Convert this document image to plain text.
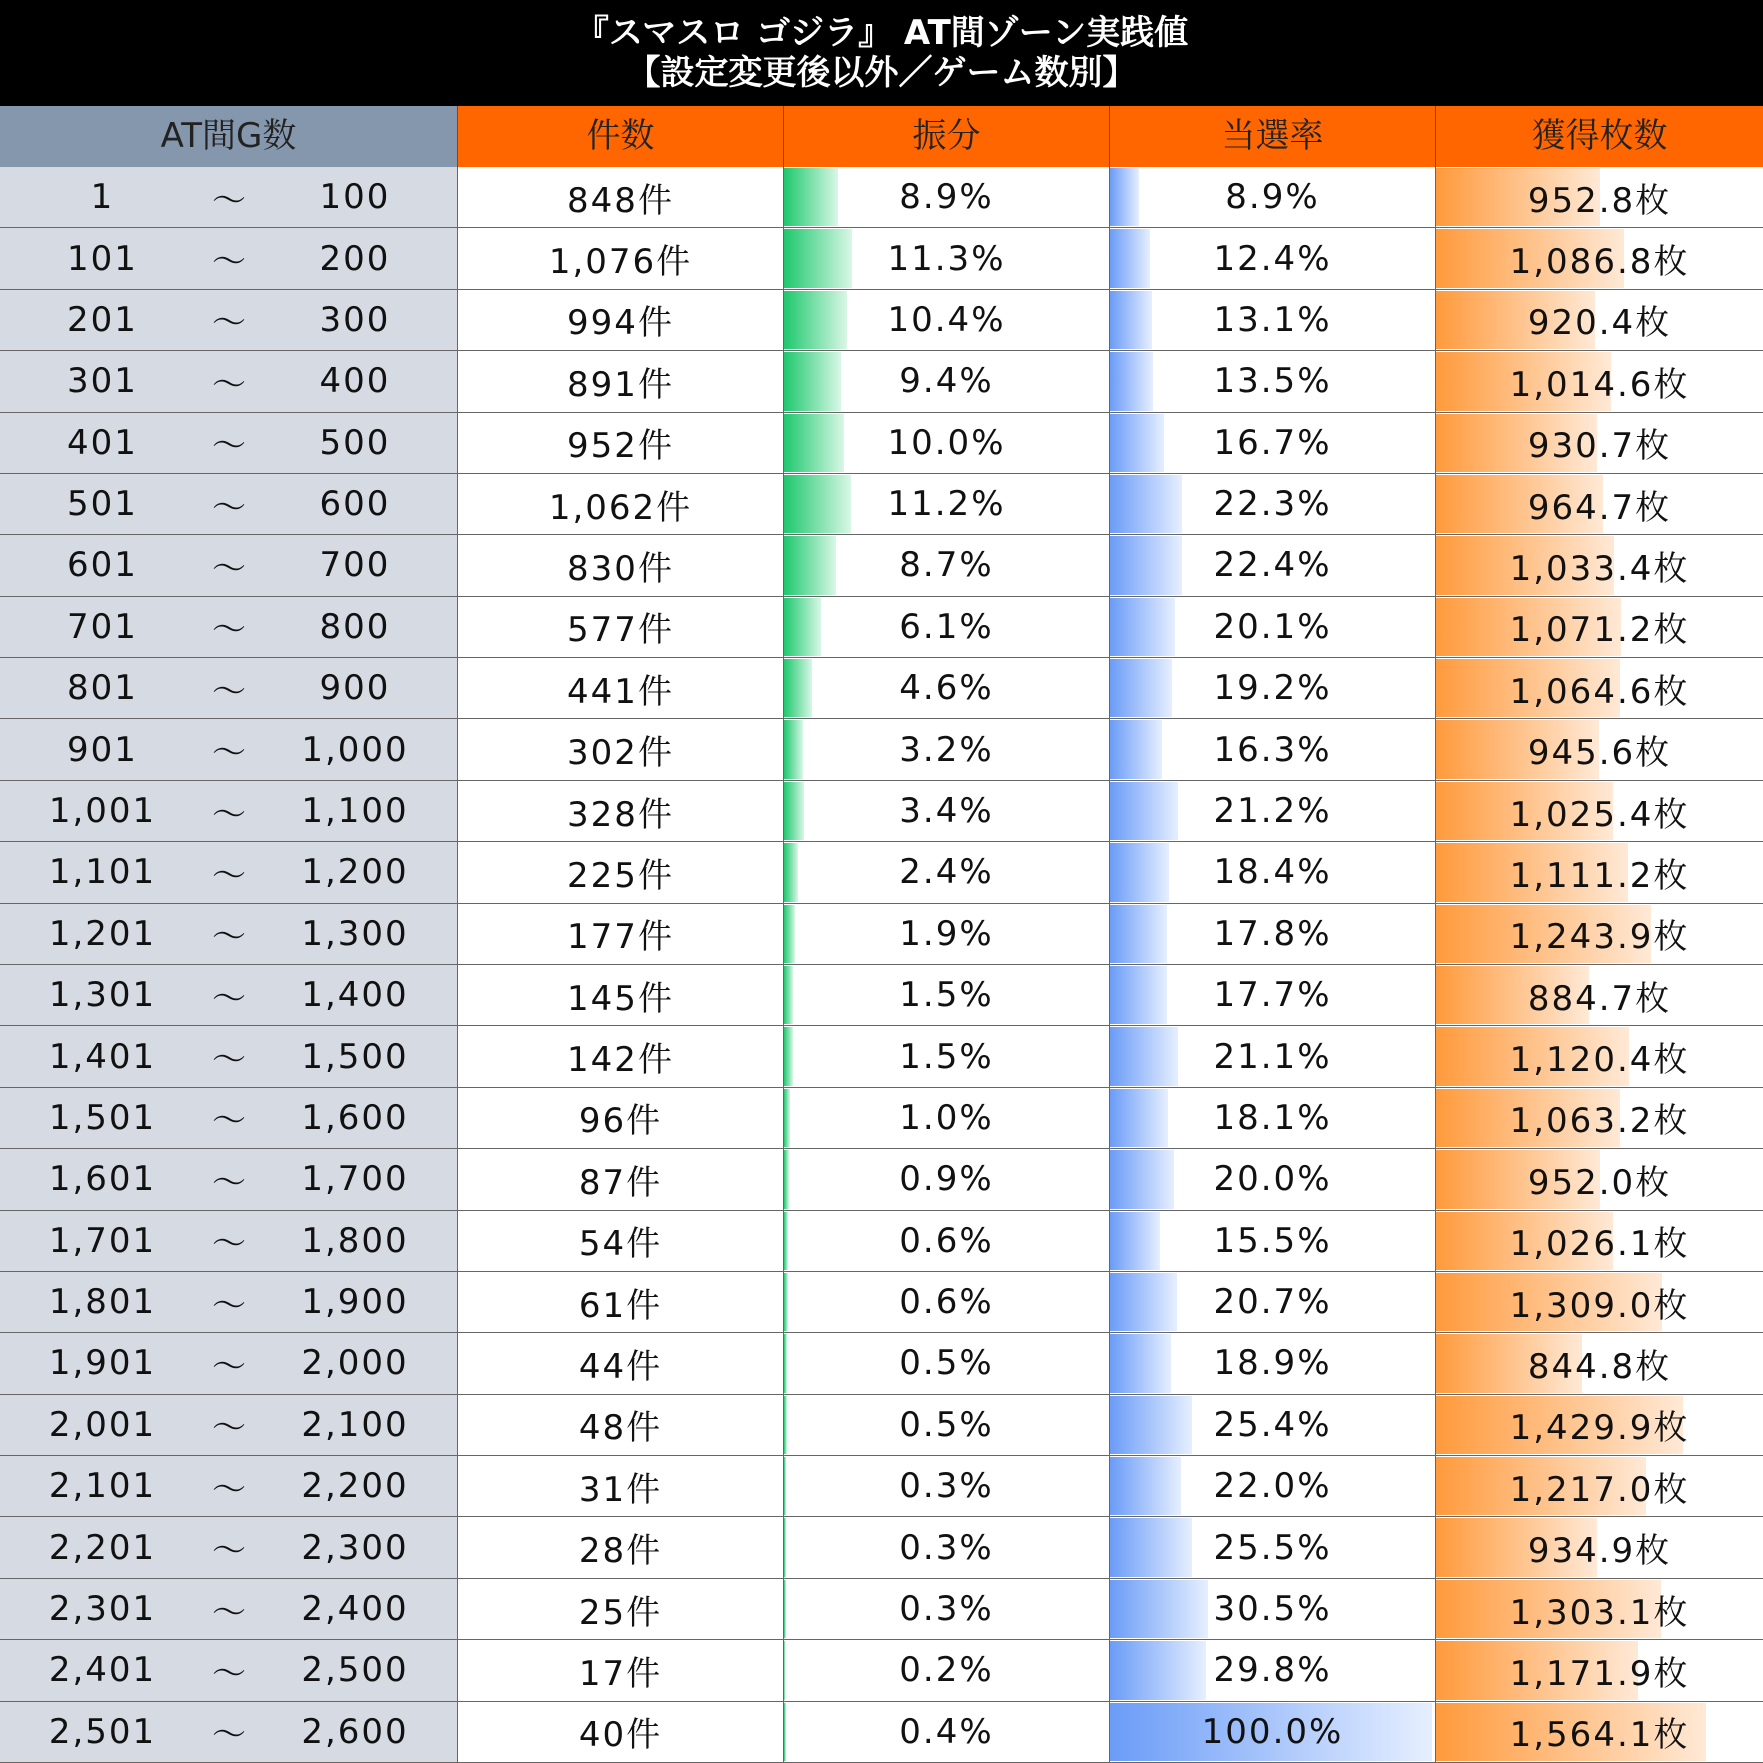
『スマスロ ゴジラ』 AT間ゾーン実践値
【設定変更後以外／ゲーム数別】
AT間G数	件数	振分	当選率	獲得枚数
1	〜	100	848件	8.9%	8.9%	952.8枚
101	〜	200	1,076件	11.3%	12.4%	1,086.8枚
201	〜	300	994件	10.4%	13.1%	920.4枚
301	〜	400	891件	9.4%	13.5%	1,014.6枚
401	〜	500	952件	10.0%	16.7%	930.7枚
501	〜	600	1,062件	11.2%	22.3%	964.7枚
601	〜	700	830件	8.7%	22.4%	1,033.4枚
701	〜	800	577件	6.1%	20.1%	1,071.2枚
801	〜	900	441件	4.6%	19.2%	1,064.6枚
901	〜	1,000	302件	3.2%	16.3%	945.6枚
1,001	〜	1,100	328件	3.4%	21.2%	1,025.4枚
1,101	〜	1,200	225件	2.4%	18.4%	1,111.2枚
1,201	〜	1,300	177件	1.9%	17.8%	1,243.9枚
1,301	〜	1,400	145件	1.5%	17.7%	884.7枚
1,401	〜	1,500	142件	1.5%	21.1%	1,120.4枚
1,501	〜	1,600	96件	1.0%	18.1%	1,063.2枚
1,601	〜	1,700	87件	0.9%	20.0%	952.0枚
1,701	〜	1,800	54件	0.6%	15.5%	1,026.1枚
1,801	〜	1,900	61件	0.6%	20.7%	1,309.0枚
1,901	〜	2,000	44件	0.5%	18.9%	844.8枚
2,001	〜	2,100	48件	0.5%	25.4%	1,429.9枚
2,101	〜	2,200	31件	0.3%	22.0%	1,217.0枚
2,201	〜	2,300	28件	0.3%	25.5%	934.9枚
2,301	〜	2,400	25件	0.3%	30.5%	1,303.1枚
2,401	〜	2,500	17件	0.2%	29.8%	1,171.9枚
2,501	〜	2,600	40件	0.4%	100.0%	1,564.1枚
